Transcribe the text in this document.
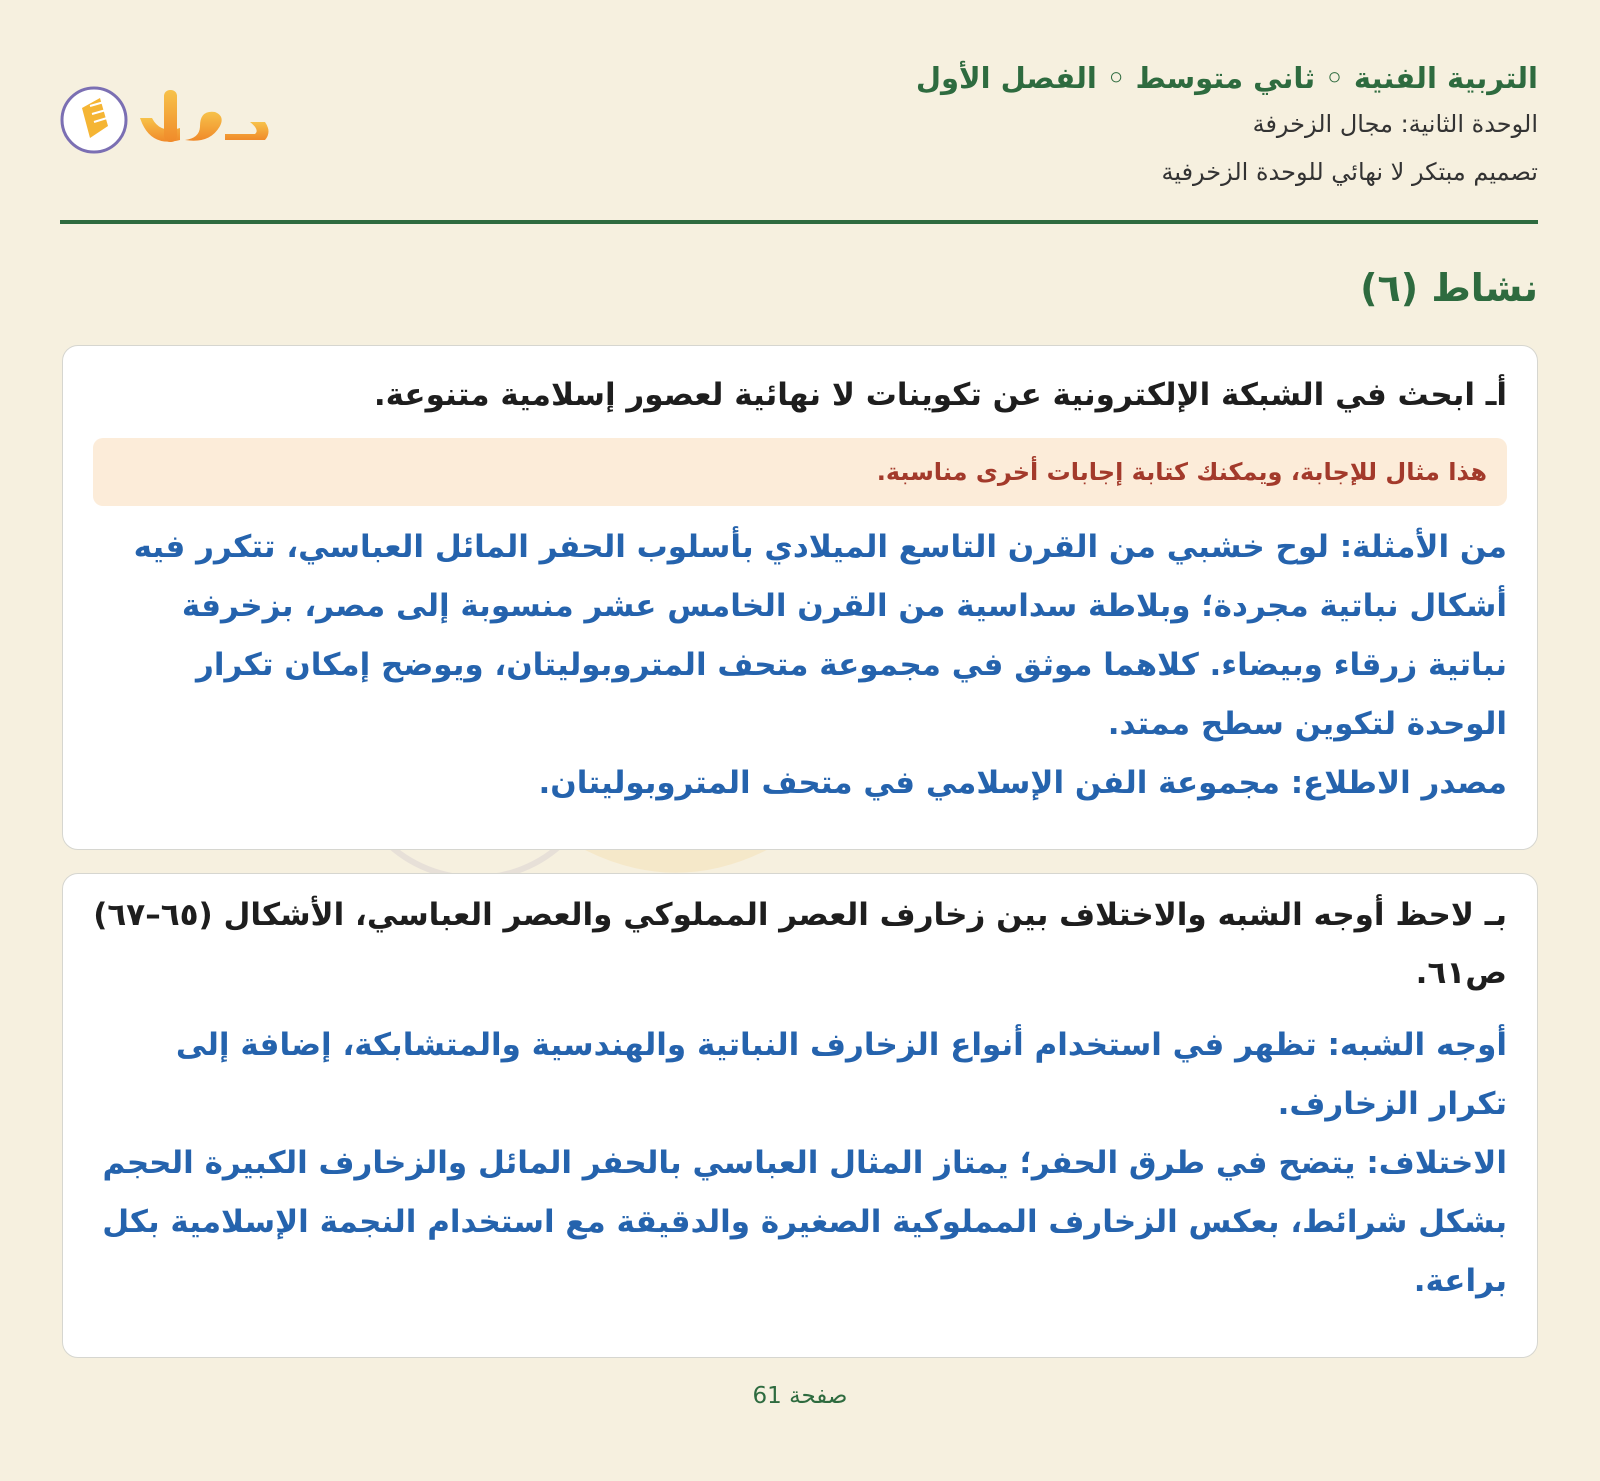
التربية الفنية ◦ ثاني متوسط ◦ الفصل الأول
الوحدة الثانية: مجال الزخرفة
تصميم مبتكر لا نهائي للوحدة الزخرفية
نشاط (٦)

أـ ابحث في الشبكة الإلكترونية عن تكوينات لا نهائية لعصور إسلامية متنوعة.

هذا مثال للإجابة، ويمكنك كتابة إجابات أخرى مناسبة.

من الأمثلة: لوح خشبي من القرن التاسع الميلادي بأسلوب الحفر المائل العباسي، تتكرر فيه أشكال نباتية مجردة؛ وبلاطة سداسية من القرن الخامس عشر منسوبة إلى مصر، بزخرفة نباتية زرقاء وبيضاء. كلاهما موثق في مجموعة متحف المتروبوليتان، ويوضح إمكان تكرار الوحدة لتكوين سطح ممتد.

مصدر الاطلاع: مجموعة الفن الإسلامي في متحف المتروبوليتان.

بـ لاحظ أوجه الشبه والاختلاف بين زخارف العصر المملوكي والعصر العباسي، الأشكال (٦٥–٦٧) ص٦١.

أوجه الشبه: تظهر في استخدام أنواع الزخارف النباتية والهندسية والمتشابكة، إضافة إلى تكرار الزخارف.

الاختلاف: يتضح في طرق الحفر؛ يمتاز المثال العباسي بالحفر المائل والزخارف الكبيرة الحجم بشكل شرائط، بعكس الزخارف المملوكية الصغيرة والدقيقة مع استخدام النجمة الإسلامية بكل براعة.

صفحة 61
